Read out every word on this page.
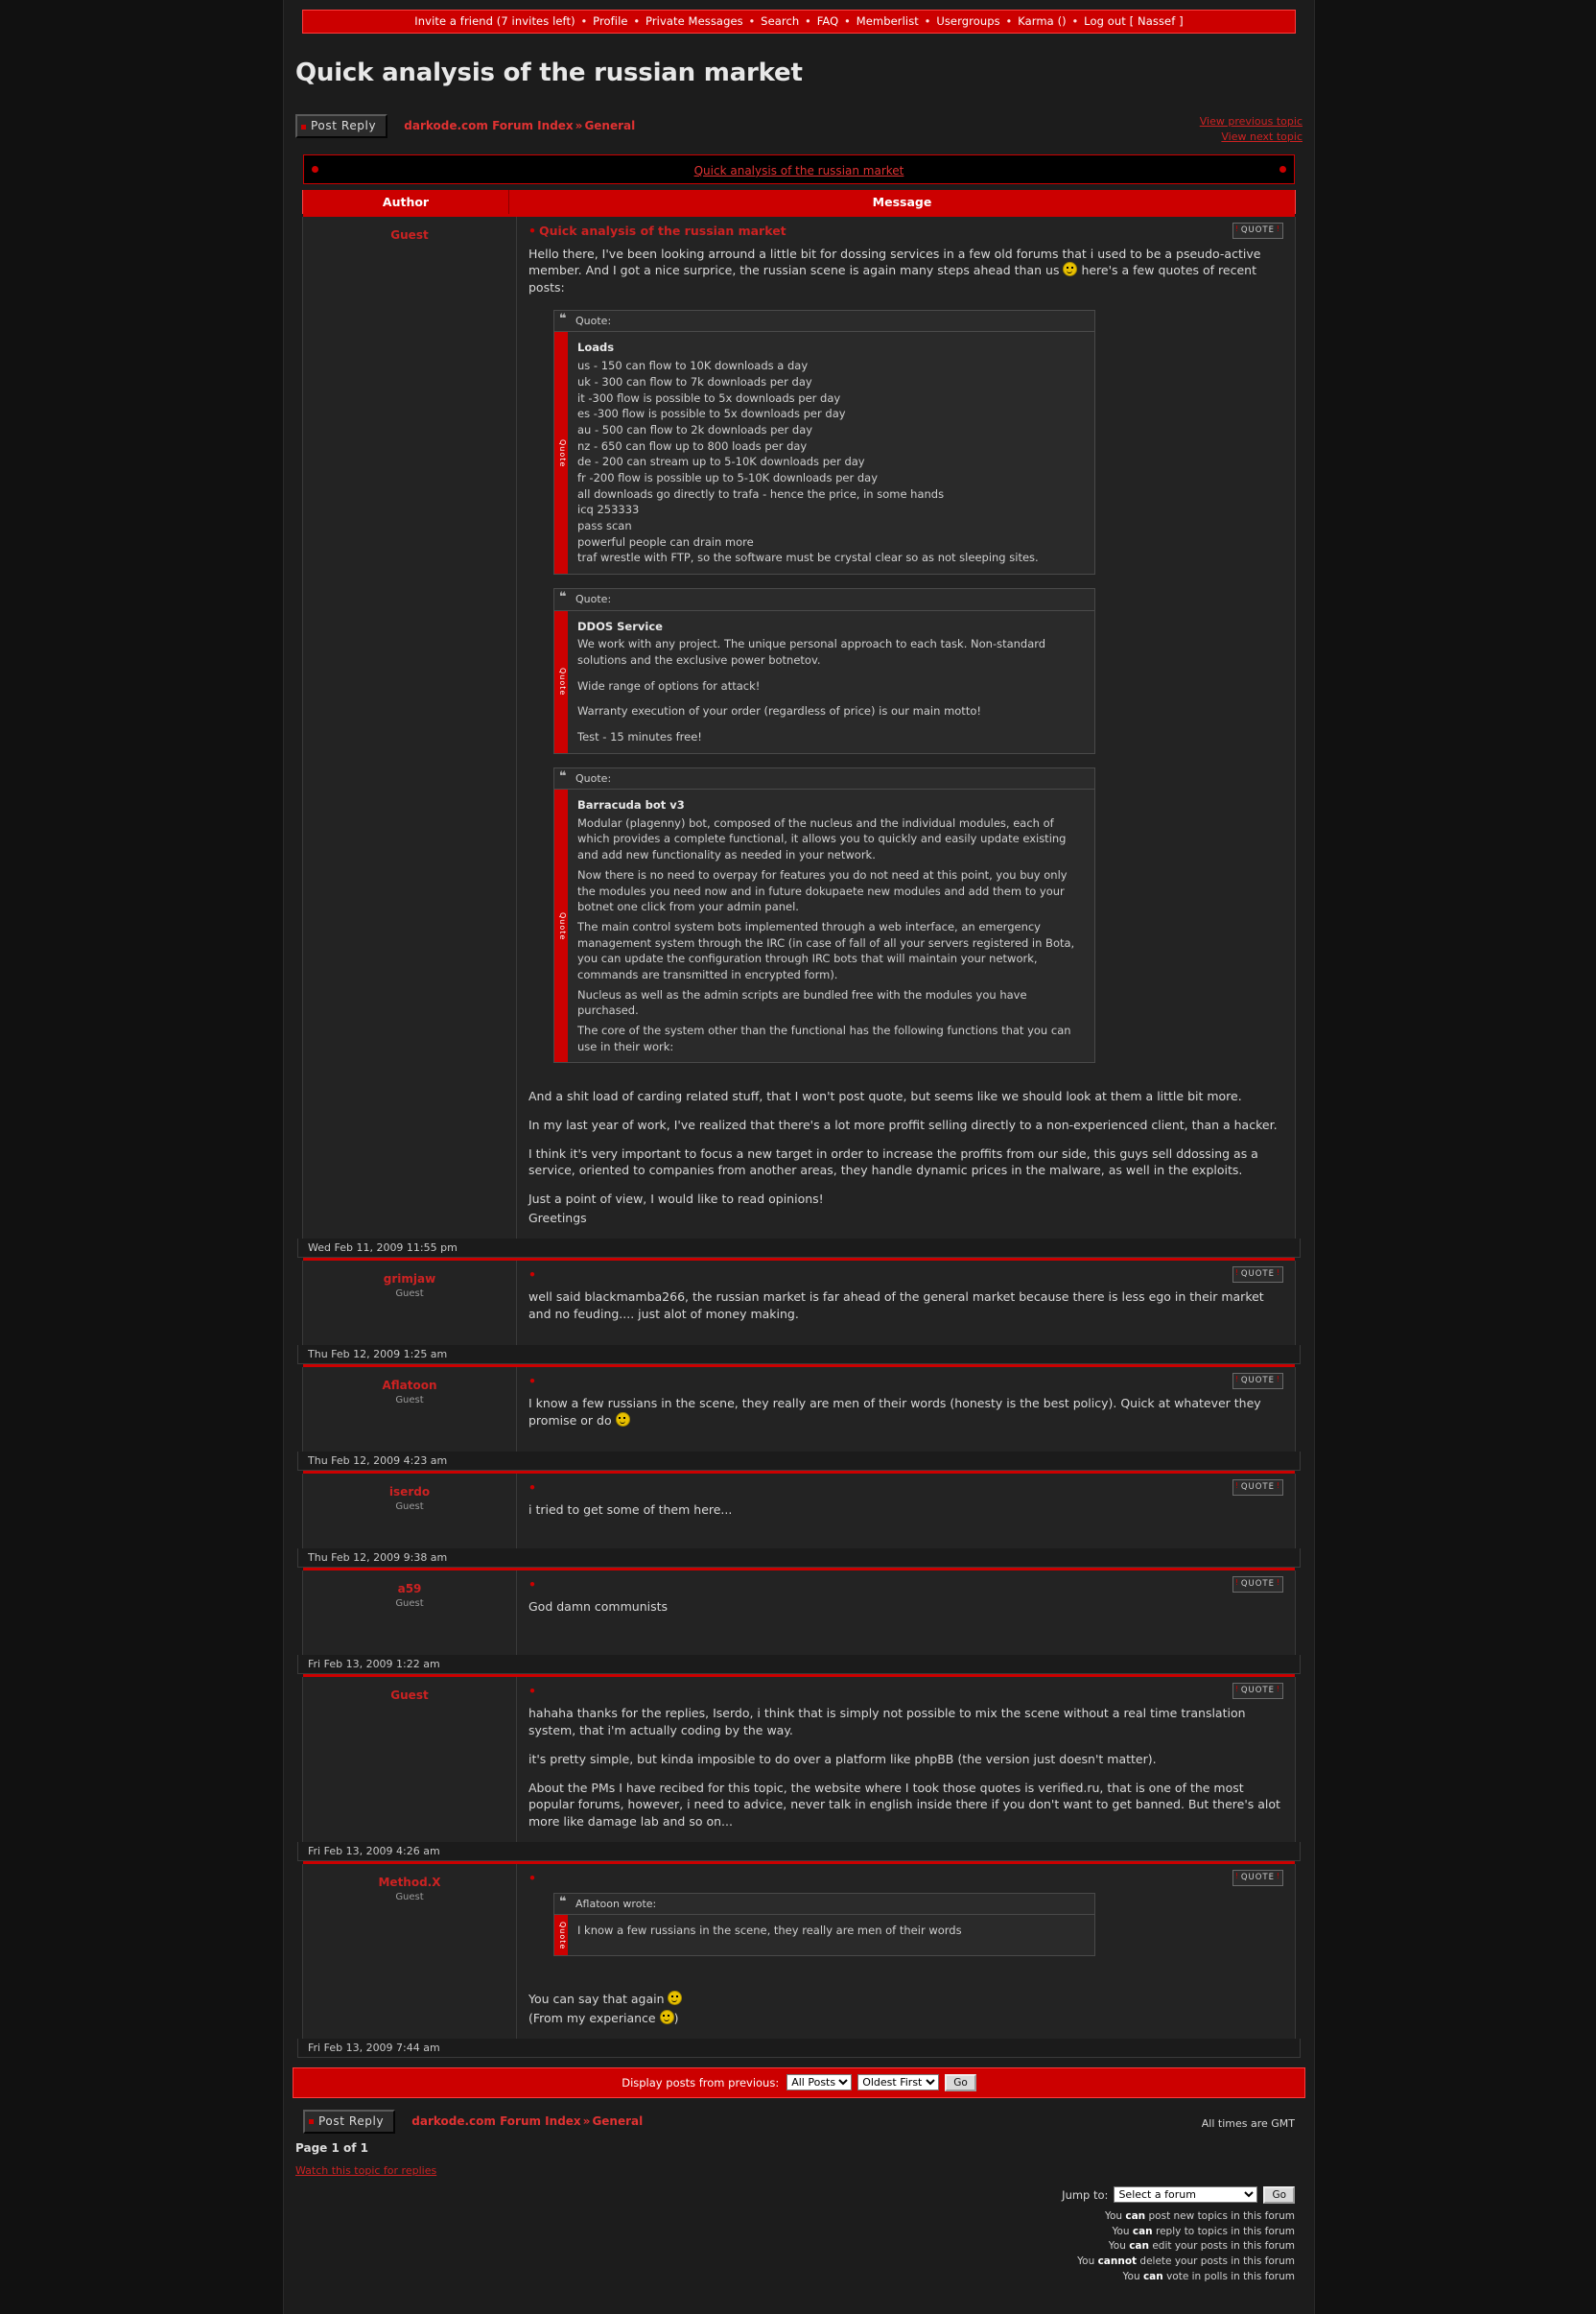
Invite a friend (7 invites left) • Profile • Private Messages • Search • FAQ • Memberlist • Usergroups • Karma () • Log out [ Nassef ]
Quick analysis of the russian market
Post Reply darkode.com Forum Index » General	View previous topic
View next topic
Quick analysis of the russian market
Author	Message
Guest	• Quick analysis of the russian market	! QUOTE !

Hello there, I've been looking arround a little bit for dossing services in a few old forums that i used to be a pseudo-active member. And I got a nice surprice, the russian scene is again many steps ahead than us here's a few quotes of recent posts:

❝ Quote:
Quote
Loads
us - 150 can flow to 10K downloads a day
uk - 300 can flow to 7k downloads per day
it -300 flow is possible to 5x downloads per day
es -300 flow is possible to 5x downloads per day
au - 500 can flow to 2k downloads per day
nz - 650 can flow up to 800 loads per day
de - 200 can stream up to 5-10K downloads per day
fr -200 flow is possible up to 5-10K downloads per day
all downloads go directly to trafa - hence the price, in some hands
icq 253333
pass scan
powerful people can drain more
traf wrestle with FTP, so the software must be crystal clear so as not sleeping sites.
❝ Quote:
Quote
DDOS Service

We work with any project. The unique personal approach to each task. Non-standard solutions and the exclusive power botnetov.

Wide range of options for attack!

Warranty execution of your order (regardless of price) is our main motto!

Test - 15 minutes free!

❝ Quote:
Quote
Barracuda bot v3

Modular (plagenny) bot, composed of the nucleus and the individual modules, each of which provides a complete functional, it allows you to quickly and easily update existing and add new functionality as needed in your network.

Now there is no need to overpay for features you do not need at this point, you buy only the modules you need now and in future dokupaete new modules and add them to your botnet one click from your admin panel.

The main control system bots implemented through a web interface, an emergency management system through the IRC (in case of fall of all your servers registered in Bota, you can update the configuration through IRC bots that will maintain your network, commands are transmitted in encrypted form).

Nucleus as well as the admin scripts are bundled free with the modules you have purchased.

The core of the system other than the functional has the following functions that you can use in their work:

And a shit load of carding related stuff, that I won't post quote, but seems like we should look at them a little bit more.

In my last year of work, I've realized that there's a lot more proffit selling directly to a non-experienced client, than a hacker.

I think it's very important to focus a new target in order to increase the proffits from our side, this guys sell ddossing as a service, oriented to companies from another areas, they handle dynamic prices in the malware, as well in the exploits.

Just a point of view, I would like to read opinions!

Greetings

Wed Feb 11, 2009 11:55 pm
grimjaw
Guest
•	! QUOTE !

well said blackmamba266, the russian market is far ahead of the general market because there is less ego in their market and no feuding.... just alot of money making.

Thu Feb 12, 2009 1:25 am
Aflatoon
Guest
•	! QUOTE !

I know a few russians in the scene, they really are men of their words (honesty is the best policy). Quick at whatever they promise or do

Thu Feb 12, 2009 4:23 am
iserdo
Guest
•	! QUOTE !

i tried to get some of them here...

Thu Feb 12, 2009 9:38 am
a59
Guest
•	! QUOTE !

God damn communists

Fri Feb 13, 2009 1:22 am
Guest	•	! QUOTE !

hahaha thanks for the replies, Iserdo, i think that is simply not possible to mix the scene without a real time translation system, that i'm actually coding by the way.

it's pretty simple, but kinda imposible to do over a platform like phpBB (the version just doesn't matter).

About the PMs I have recibed for this topic, the website where I took those quotes is verified.ru, that is one of the most popular forums, however, i need to advice, never talk in english inside there if you don't want to get banned. But there's alot more like damage lab and so on...

Fri Feb 13, 2009 4:26 am
Method.X
Guest
•	! QUOTE !
❝ Aflatoon wrote:
Quote I know a few russians in the scene, they really are men of their words

You can say that again

(From my experiance )

Fri Feb 13, 2009 7:44 am
Display posts from previous:
All Posts
Oldest First	Go
Post Reply darkode.com Forum Index » General	All times are GMT
Page 1 of 1
Watch this topic for replies
Jump to:
Select a forum	Go
You can post new topics in this forum
You can reply to topics in this forum
You can edit your posts in this forum
You cannot delete your posts in this forum
You can vote in polls in this forum
